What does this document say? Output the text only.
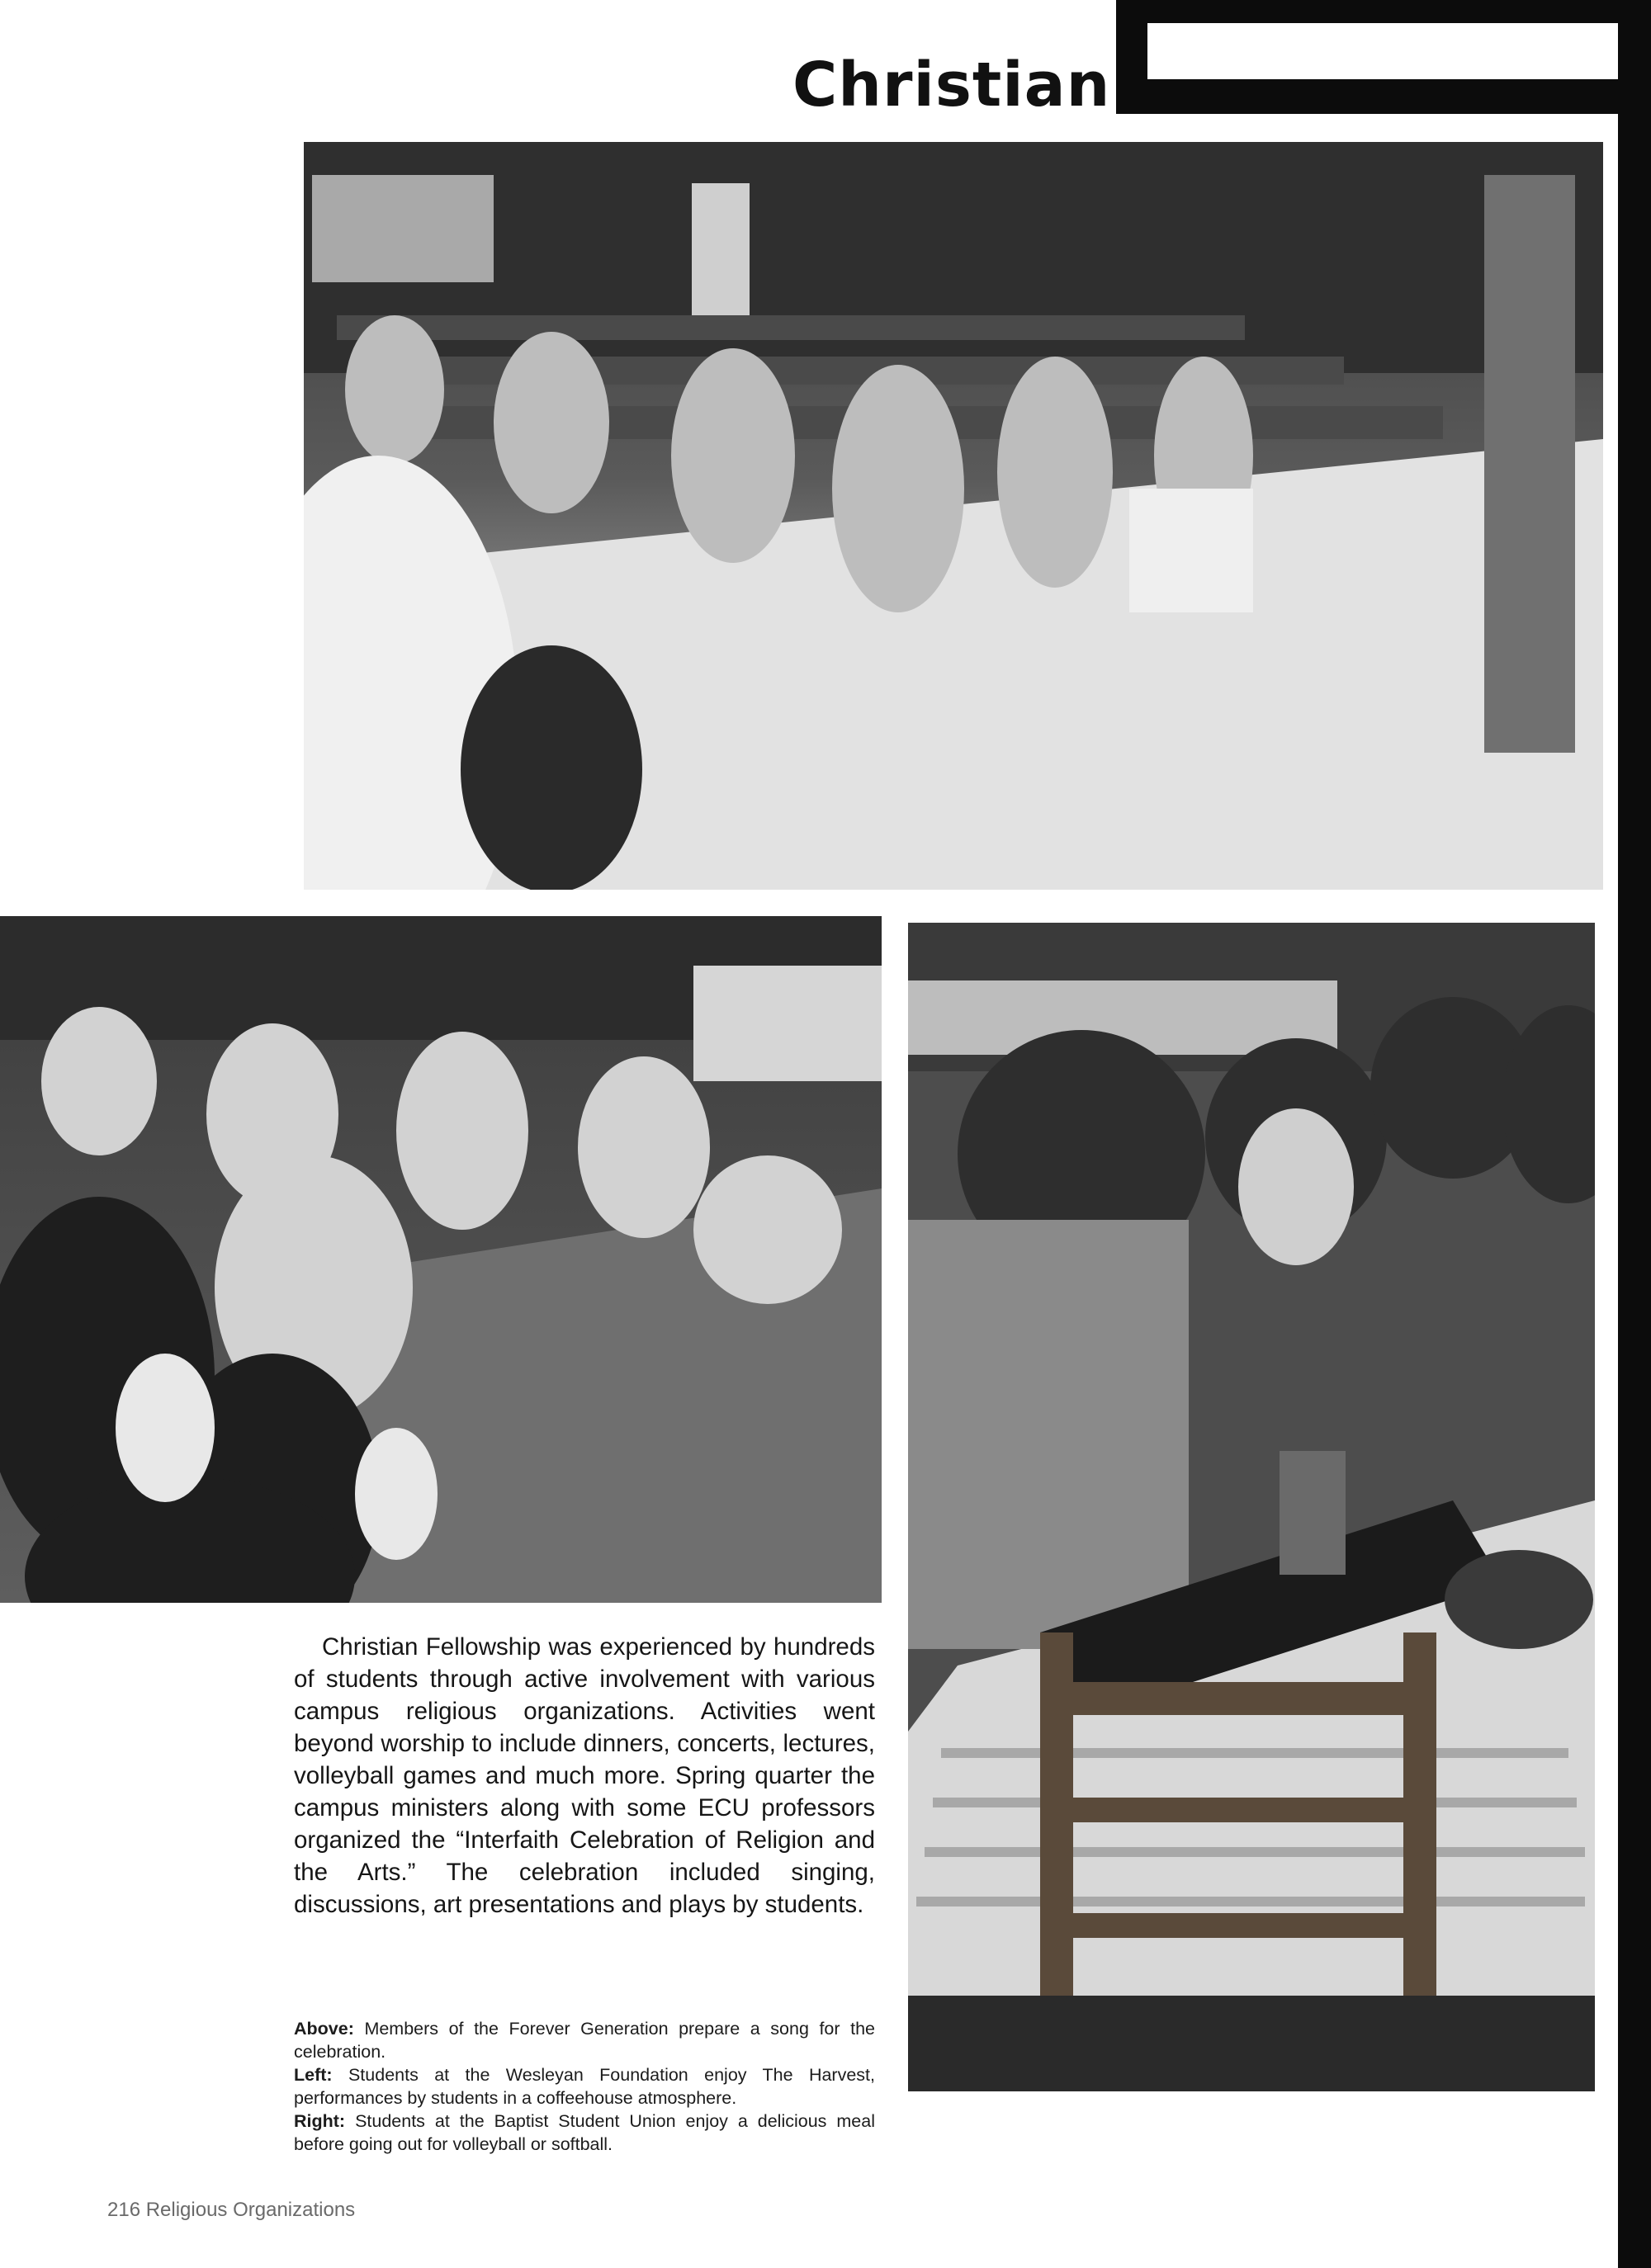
Christian

Christian Fellowship was experienced by hundreds of students through active involvement with various campus religious organizations. Activities went beyond worship to include dinners, concerts, lectures, volleyball games and much more. Spring quarter the campus ministers along with some ECU professors organized the “Interfaith Celebration of Religion and the Arts.” The celebration included singing, discussions, art presentations and plays by students.

Above: Members of the Forever Generation prepare a song for the celebration.

Left: Students at the Wesleyan Foundation enjoy The Harvest, performances by students in a coffeehouse atmosphere.

Right: Students at the Baptist Student Union enjoy a delicious meal before going out for volleyball or softball.

216 Religious Organizations
